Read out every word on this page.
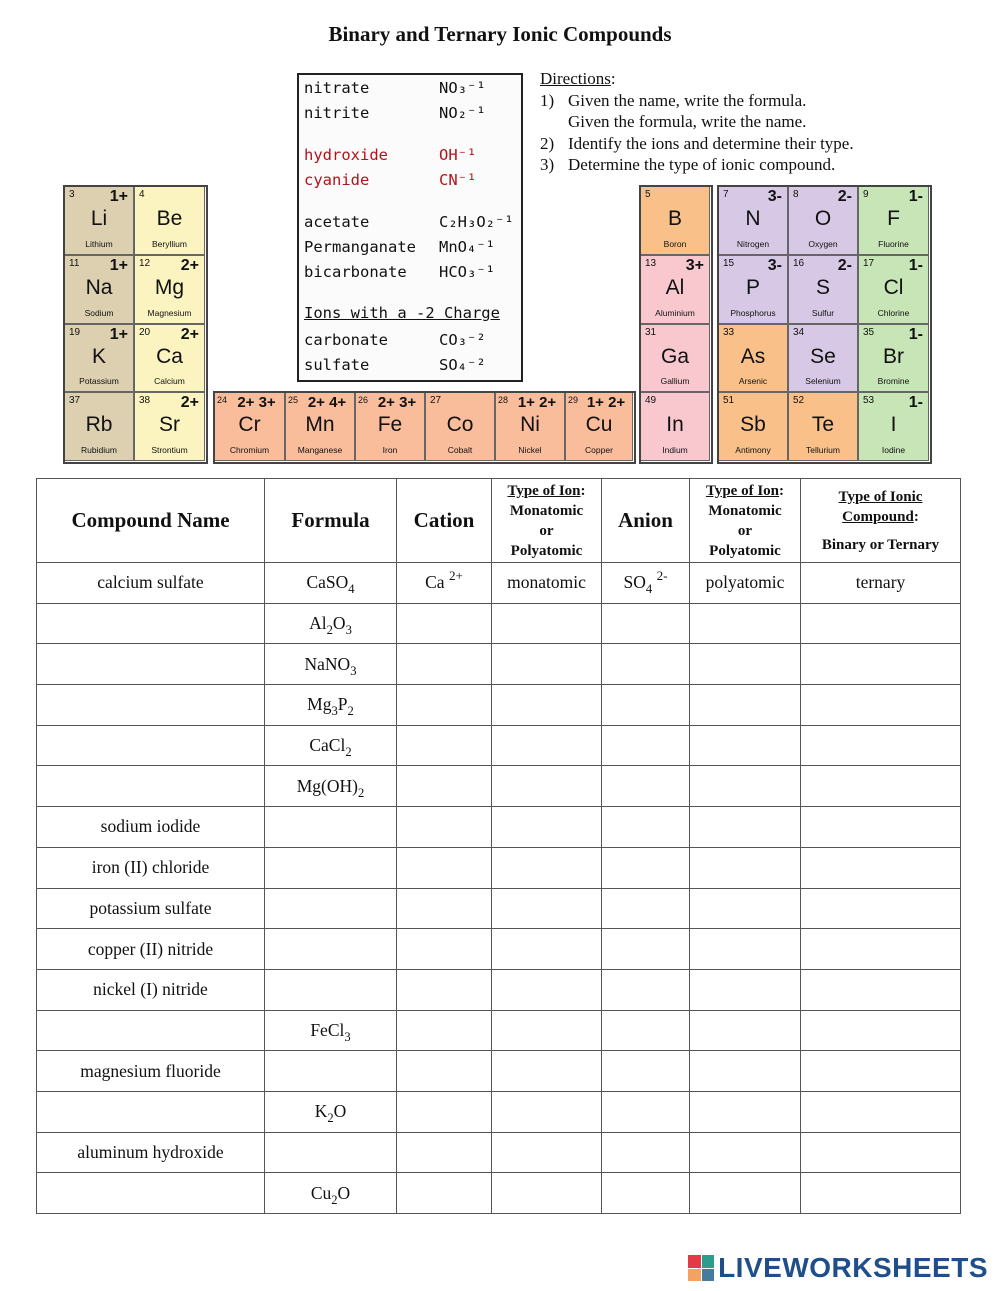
Binary and Ternary Ionic Compounds
nitrate	NO₃⁻¹
nitrite	NO₂⁻¹
hydroxide	OH⁻¹
cyanide	CN⁻¹
acetate	C₂H₃O₂⁻¹
Permanganate MnO₄⁻¹
bicarbonate HCO₃⁻¹
carbonate	CO₃⁻²
sulfate	SO₄⁻²
Ions with a -2 Charge
Directions:
1) Given the name, write the formula.
Given the formula, write the name.
2) Identify the ions and determine their type.
3) Determine the type of ionic compound.
3 1+
Li
Lithium
4
Be
Beryllium
11 1+
Na
Sodium
12 2+
Mg
Magnesium
19 1+
K
Potassium
20 2+
Ca
Calcium
37
Rb
Rubidium
38 2+
Sr
Strontium
24 2+ 3+
Cr
Chromium
25 2+ 4+
Mn
Manganese
26 2+ 3+
Fe
Iron
27
Co
Cobalt
28 1+ 2+
Ni
Nickel
29 1+ 2+
Cu
Copper
5
B
Boron
13 3+
Al
Aluminium
31
Ga
Gallium
49
In
Indium
7 3-
N
Nitrogen
8 2-
O
Oxygen
9	1-
F
Fluorine
15 3-
P
Phosphorus
16 2-
S
Sulfur
17 1-
Cl
Chlorine
33
As
Arsenic
34
Se
Selenium
35 1-
Br
Bromine
51
Sb
Antimony
52
Te
Tellurium
53 1-
I
Iodine
Compound Name	Formula	Cation	Type of Ion:
Monatomic
or
Polyatomic	Anion	Type of Ion:
Monatomic
or
Polyatomic	Type of Ionic
Compound:

Binary or Ternary
calcium sulfate	CaSO$_4$	Ca $^{2+}$	monatomic	$SO_4$ $^{2-}$	polyatomic	ternary
	$Al_2O_3$					
	NaNO$_3$					
	$Mg_3P_2$					
	CaCl$_2$					
	$Mg(OH)_2$					
sodium iodide						
iron (II) chloride						
potassium sulfate						
copper (II) nitride						
nickel (I) nitride						
	FeCl$_3$					
magnesium fluoride						
	$K_2O$					
aluminum hydroxide						
	$Cu_2O$					
LIVEWORKSHEETS
